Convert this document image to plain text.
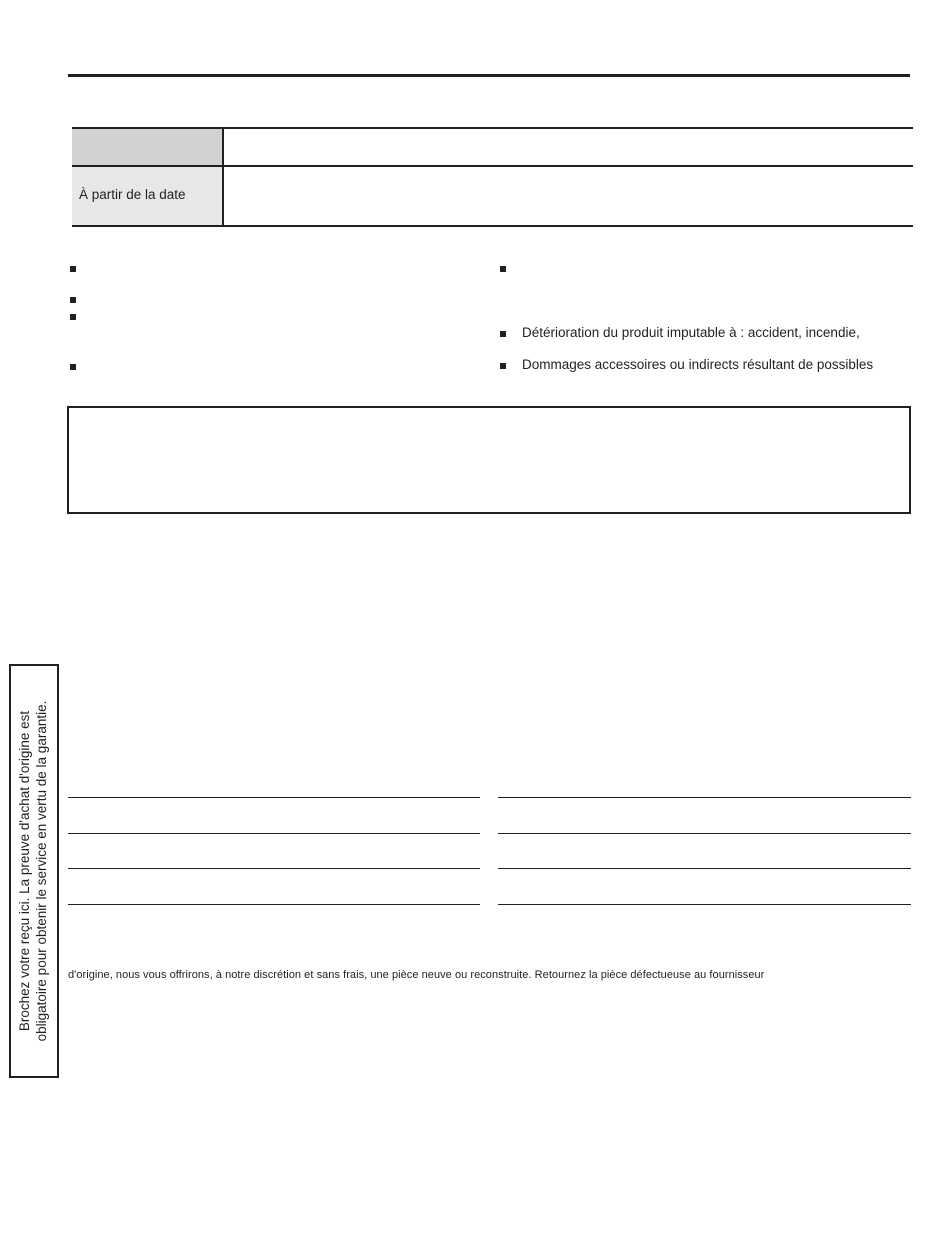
À partir de la date
Détérioration du produit imputable à : accident, incendie,
Dommages accessoires ou indirects résultant de possibles
Brochez votre reçu ici. La preuve d'achat d'origine est obligatoire pour obtenir le service en vertu de la garantie. d'origine, nous vous offrirons, à notre discrétion et sans frais, une pièce neuve ou reconstruite. Retournez la pièce défectueuse au fournisseur
